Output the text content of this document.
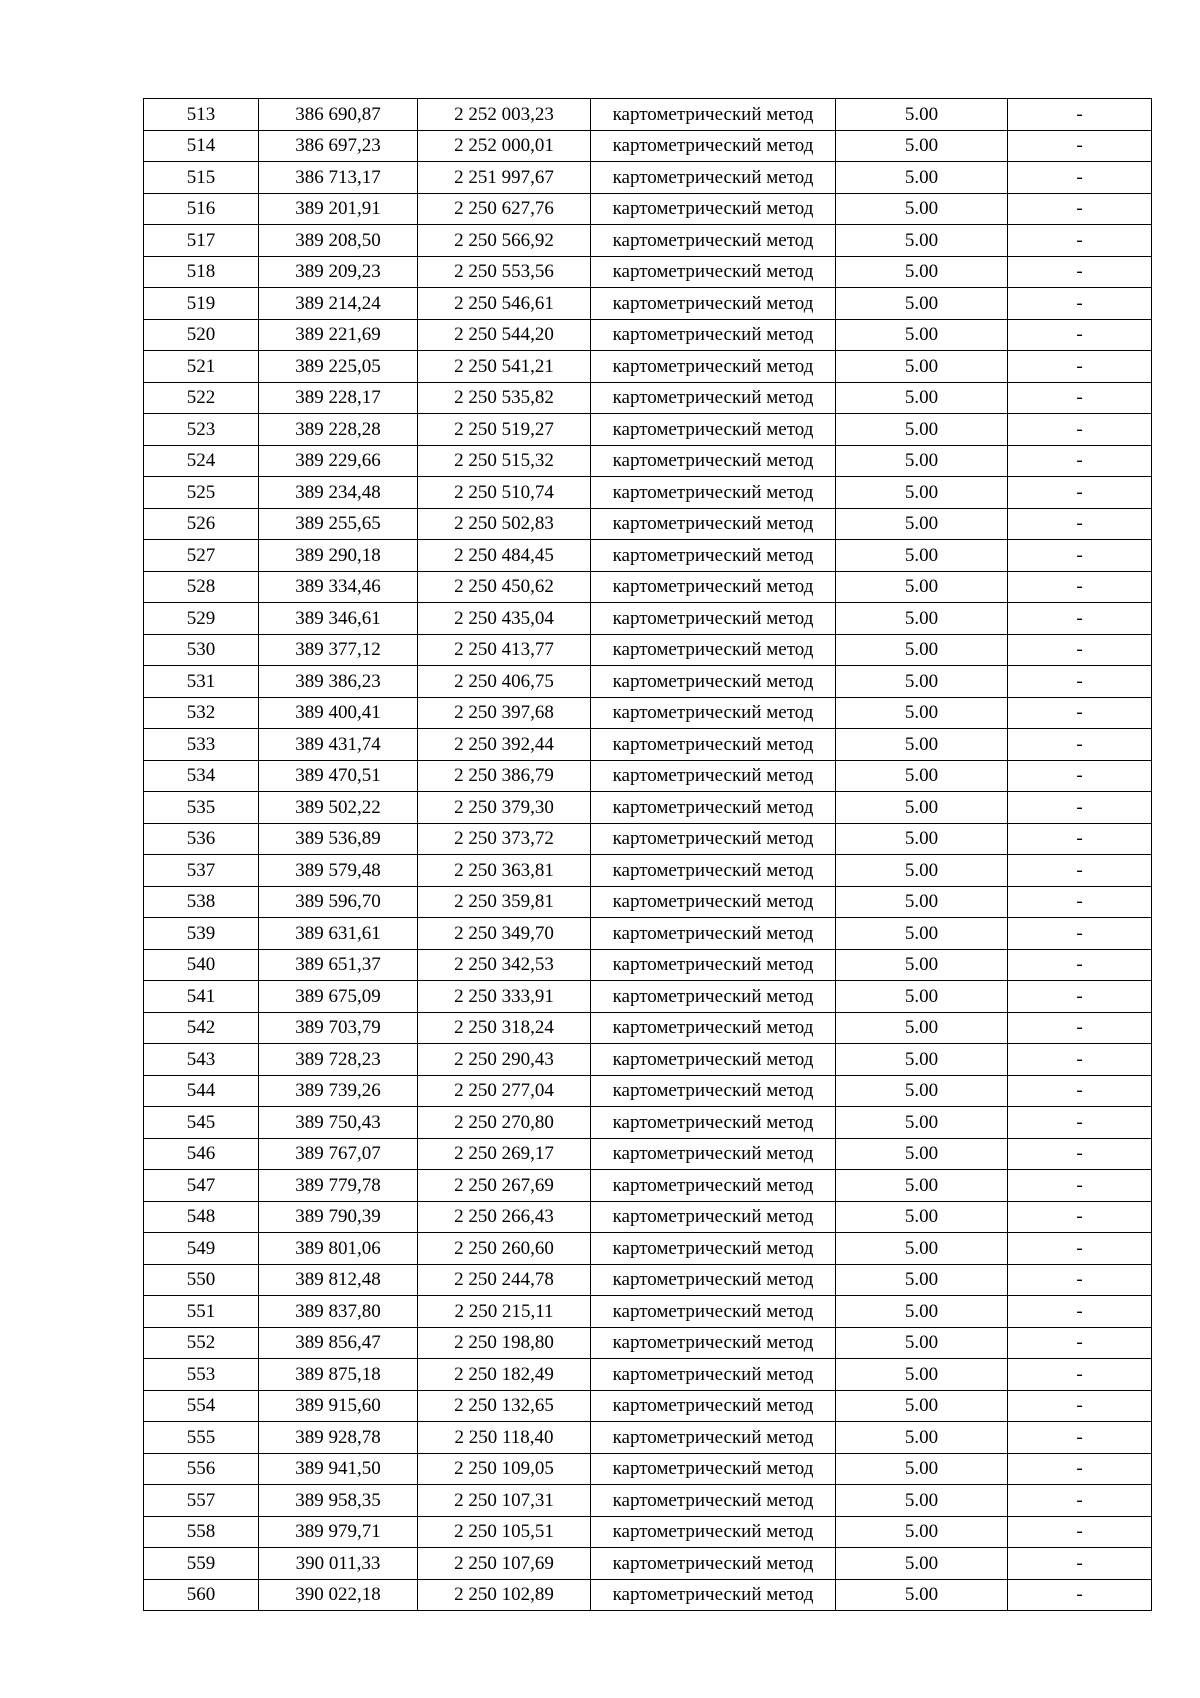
513	386 690,87	2 252 003,23	картометрический метод	5.00	-
514	386 697,23	2 252 000,01	картометрический метод	5.00	-
515	386 713,17	2 251 997,67	картометрический метод	5.00	-
516	389 201,91	2 250 627,76	картометрический метод	5.00	-
517	389 208,50	2 250 566,92	картометрический метод	5.00	-
518	389 209,23	2 250 553,56	картометрический метод	5.00	-
519	389 214,24	2 250 546,61	картометрический метод	5.00	-
520	389 221,69	2 250 544,20	картометрический метод	5.00	-
521	389 225,05	2 250 541,21	картометрический метод	5.00	-
522	389 228,17	2 250 535,82	картометрический метод	5.00	-
523	389 228,28	2 250 519,27	картометрический метод	5.00	-
524	389 229,66	2 250 515,32	картометрический метод	5.00	-
525	389 234,48	2 250 510,74	картометрический метод	5.00	-
526	389 255,65	2 250 502,83	картометрический метод	5.00	-
527	389 290,18	2 250 484,45	картометрический метод	5.00	-
528	389 334,46	2 250 450,62	картометрический метод	5.00	-
529	389 346,61	2 250 435,04	картометрический метод	5.00	-
530	389 377,12	2 250 413,77	картометрический метод	5.00	-
531	389 386,23	2 250 406,75	картометрический метод	5.00	-
532	389 400,41	2 250 397,68	картометрический метод	5.00	-
533	389 431,74	2 250 392,44	картометрический метод	5.00	-
534	389 470,51	2 250 386,79	картометрический метод	5.00	-
535	389 502,22	2 250 379,30	картометрический метод	5.00	-
536	389 536,89	2 250 373,72	картометрический метод	5.00	-
537	389 579,48	2 250 363,81	картометрический метод	5.00	-
538	389 596,70	2 250 359,81	картометрический метод	5.00	-
539	389 631,61	2 250 349,70	картометрический метод	5.00	-
540	389 651,37	2 250 342,53	картометрический метод	5.00	-
541	389 675,09	2 250 333,91	картометрический метод	5.00	-
542	389 703,79	2 250 318,24	картометрический метод	5.00	-
543	389 728,23	2 250 290,43	картометрический метод	5.00	-
544	389 739,26	2 250 277,04	картометрический метод	5.00	-
545	389 750,43	2 250 270,80	картометрический метод	5.00	-
546	389 767,07	2 250 269,17	картометрический метод	5.00	-
547	389 779,78	2 250 267,69	картометрический метод	5.00	-
548	389 790,39	2 250 266,43	картометрический метод	5.00	-
549	389 801,06	2 250 260,60	картометрический метод	5.00	-
550	389 812,48	2 250 244,78	картометрический метод	5.00	-
551	389 837,80	2 250 215,11	картометрический метод	5.00	-
552	389 856,47	2 250 198,80	картометрический метод	5.00	-
553	389 875,18	2 250 182,49	картометрический метод	5.00	-
554	389 915,60	2 250 132,65	картометрический метод	5.00	-
555	389 928,78	2 250 118,40	картометрический метод	5.00	-
556	389 941,50	2 250 109,05	картометрический метод	5.00	-
557	389 958,35	2 250 107,31	картометрический метод	5.00	-
558	389 979,71	2 250 105,51	картометрический метод	5.00	-
559	390 011,33	2 250 107,69	картометрический метод	5.00	-
560	390 022,18	2 250 102,89	картометрический метод	5.00	-
